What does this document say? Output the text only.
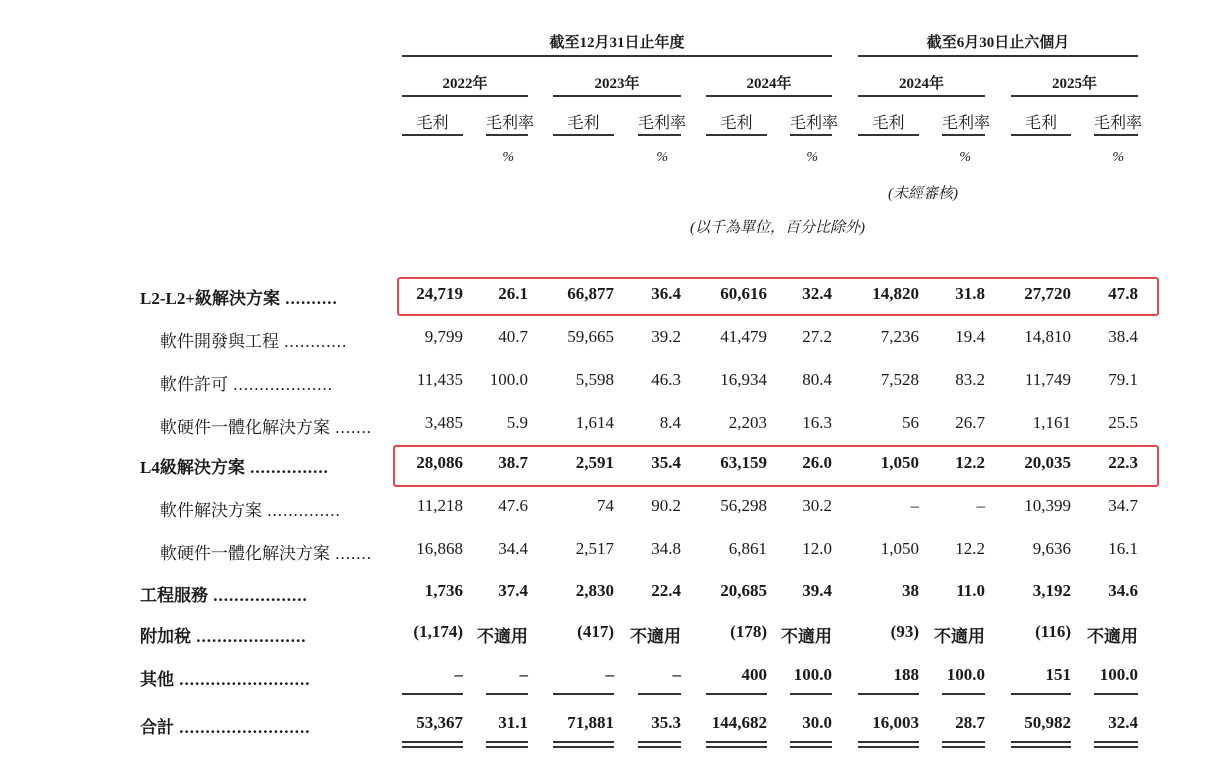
截至12月31日止年度	截至6月30日止六個月
2022年	2023年	2024年	2024年	2025年
毛利	毛利率	毛利	毛利率	毛利	毛利率	毛利	毛利率	毛利	毛利率
%	%	%	%	%
(未經審核)
(以千為單位，百分比除外)
L2-L2+級解決方案 ..........	24,719	26.1	66,877	36.4	60,616	32.4	14,820	31.8	27,720	47.8
軟件開發與工程 ............	9,799	40.7	59,665	39.2	41,479	27.2	7,236	19.4	14,810	38.4
軟件許可 ...................	11,435	100.0	5,598	46.3	16,934	80.4	7,528	83.2	11,749	79.1
軟硬件一體化解決方案 .......	3,485	5.9	1,614	8.4	2,203	16.3	56	26.7	1,161	25.5
L4級解決方案 ...............	28,086	38.7	2,591	35.4	63,159	26.0	1,050	12.2	20,035	22.3
軟件解決方案 ..............	11,218	47.6	74	90.2	56,298	30.2	–	–	10,399	34.7
軟硬件一體化解決方案 .......	16,868	34.4	2,517	34.8	6,861	12.0	1,050	12.2	9,636	16.1
工程服務 ..................	1,736	37.4	2,830	22.4	20,685	39.4	38	11.0	3,192	34.6
附加稅 .....................	(1,174) 不適用	(417) 不適用	(178) 不適用	(93) 不適用	(116) 不適用
其他 .........................	–	–	–	–	400	100.0	188	100.0	151	100.0
合計 .........................	53,367	31.1	71,881	35.3	144,682	30.0	16,003	28.7	50,982	32.4
